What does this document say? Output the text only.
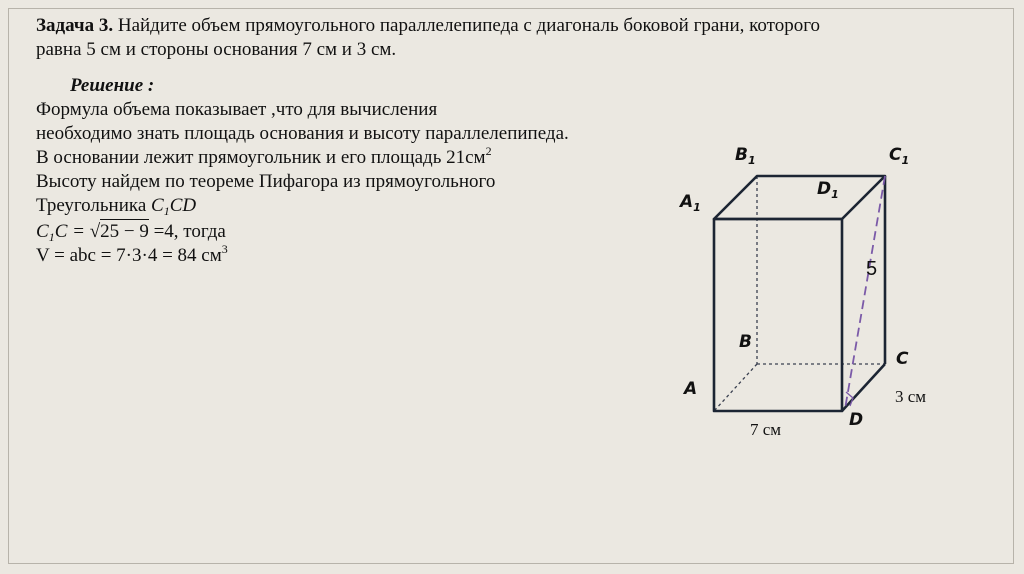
Задача 3. Найдите объем прямоугольного параллелепипеда с диагональ боковой грани, которого
равна 5 см и стороны основания 7 см и 3 см.
Решение :
Формула объема показывает ,что для вычисления
необходимо знать площадь основания и высоту параллелепипеда.
В основании лежит прямоугольник и его площадь $21см^2$
Высоту найдем по теореме Пифагора из прямоугольного
Треугольника $C_1CD$
$C_1C = √25 - 9 =4$, тогда
V = abc = 7·3·4 = 84 $см^3$
$B_1$	$C_1$
$D_1$
$A_1$
B
C
A
D
5
3 см
7 см
